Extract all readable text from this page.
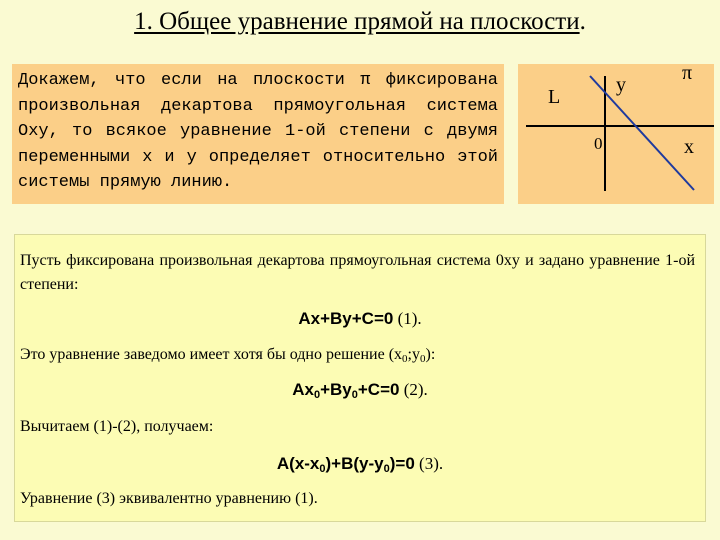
1. Общее уравнение прямой на плоскости.
Докажем, что если на плоскости π фиксирована
произвольная декартова прямоугольная система
Oxy, то всякое уравнение 1-ой степени с двумя
переменными x и y определяет относительно этой
системы прямую линию.
L
y
π
0	x
Пусть фиксирована произвольная декартова прямоугольная система 0xy и задано уравнение 1-ой степени:
Ax+By+C=0 (1).
Это уравнение заведомо имеет хотя бы одно решение $(x_0;y_0)$:
$Ax_0+By_0+C=0$ (2).
Вычитаем (1)-(2), получаем:
$A(x-x_0)+B(y-y_0)=0$ (3).
Уравнение (3) эквивалентно уравнению (1).
